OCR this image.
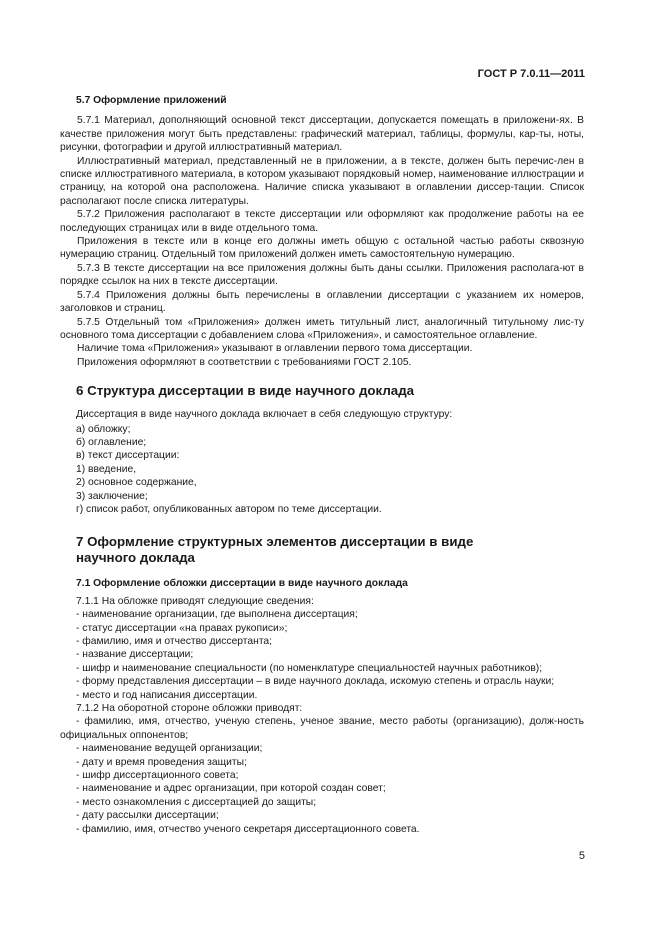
ГОСТ Р 7.0.11—2011
5.7 Оформление приложений

5.7.1 Материал, дополняющий основной текст диссертации, допускается помещать в приложени-ях. В качестве приложения могут быть представлены: графический материал, таблицы, формулы, кар-ты, ноты, рисунки, фотографии и другой иллюстративный материал.

Иллюстративный материал, представленный не в приложении, а в тексте, должен быть перечис-лен в списке иллюстративного материала, в котором указывают порядковый номер, наименование иллюстрации и страницу, на которой она расположена. Наличие списка указывают в оглавлении диссер-тации. Список располагают после списка литературы.

5.7.2 Приложения располагают в тексте диссертации или оформляют как продолжение работы на ее последующих страницах или в виде отдельного тома.

Приложения в тексте или в конце его должны иметь общую с остальной частью работы сквозную нумерацию страниц. Отдельный том приложений должен иметь самостоятельную нумерацию.

5.7.3 В тексте диссертации на все приложения должны быть даны ссылки. Приложения располага-ют в порядке ссылок на них в тексте диссертации.

5.7.4 Приложения должны быть перечислены в оглавлении диссертации с указанием их номеров, заголовков и страниц.

5.7.5 Отдельный том «Приложения» должен иметь титульный лист, аналогичный титульному лис-ту основного тома диссертации с добавлением слова «Приложения», и самостоятельное оглавление.

Наличие тома «Приложения» указывают в оглавлении первого тома диссертации.

Приложения оформляют в соответствии с требованиями ГОСТ 2.105.

6 Структура диссертации в виде научного доклада
Диссертация в виде научного доклада включает в себя следующую структуру:
а) обложку;
б) оглавление;
в) текст диссертации:
1) введение,
2) основное содержание,
3) заключение;
г) список работ, опубликованных автором по теме диссертации.
7 Оформление структурных элементов диссертации в виде
научного доклада
7.1 Оформление обложки диссертации в виде научного доклада
7.1.1 На обложке приводят следующие сведения:
- наименование организации, где выполнена диссертация;
- статус диссертации «на правах рукописи»;
- фамилию, имя и отчество диссертанта;
- название диссертации;
- шифр и наименование специальности (по номенклатуре специальностей научных работников);
- форму представления диссертации – в виде научного доклада, искомую степень и отрасль науки;
- место и год написания диссертации.
7.1.2 На оборотной стороне обложки приводят:
- фамилию, имя, отчество, ученую степень, ученое звание, место работы (организацию), долж-ность официальных оппонентов;
- наименование ведущей организации;
- дату и время проведения защиты;
- шифр диссертационного совета;
- наименование и адрес организации, при которой создан совет;
- место ознакомления с диссертацией до защиты;
- дату рассылки диссертации;
- фамилию, имя, отчество ученого секретаря диссертационного совета.
5
